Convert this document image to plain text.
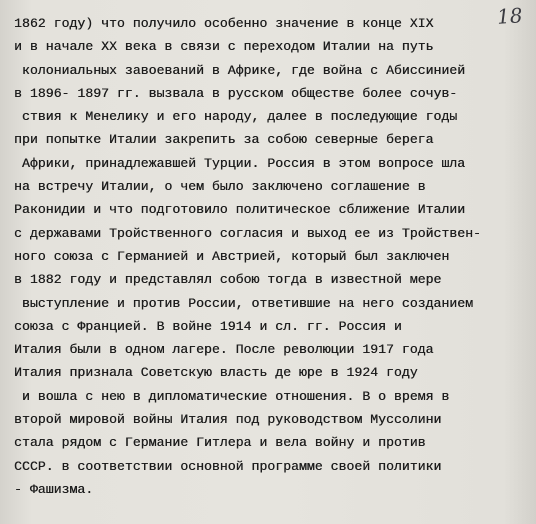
18
1862 году) что получило особенно значение в конце XIX
и в начале XX века в связи с переходом Италии на путь
колониальных завоеваний в Африке, где война с Абиссинией
в 1896- 1897 гг. вызвала в русском обществе более сочув-
ствия к Менелику и его народу, далее в последующие годы
при попытке Италии закрепить за собою северные берега
Африки, принадлежавшей Турции. Россия в этом вопросе шла
на встречу Италии, о чем было заключено соглашение в
Раконидии и что подготовило политическое сближение Италии
с державами Тройственного согласия и выход ее из Тройствен-
ного союза с Германией и Австрией, который был заключен
в 1882 году и представлял собою тогда в известной мере
выступление и против России, ответившие на него созданием
союза с Францией. В войне 1914 и сл. гг. Россия и
Италия были в одном лагере. После революции 1917 года
Италия признала Советскую власть де юре в 1924 году
и вошла с нею в дипломатические отношения. В о время в
второй мировой войны Италия под руководством Муссолини
стала рядом с Германие Гитлера и вела войну и против
СССР. в соответствии основной программе своей политики
- Фашизма.
